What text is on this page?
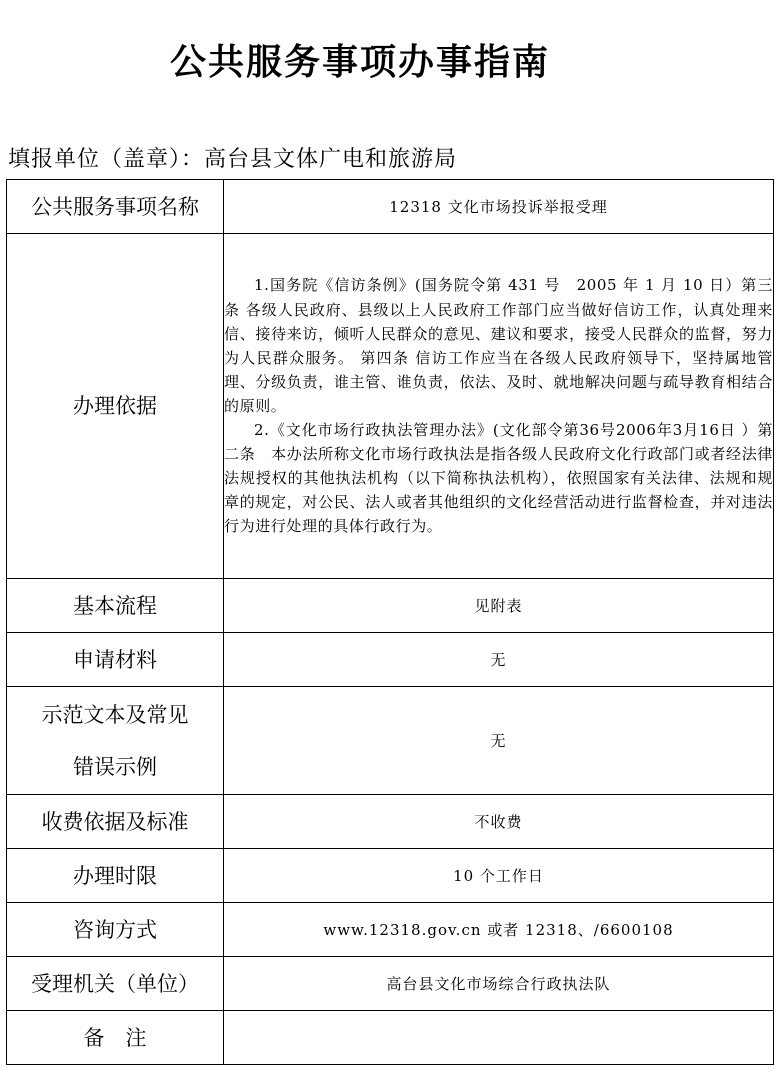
公共服务事项办事指南
填报单位（盖章）：高台县文体广电和旅游局
公共服务事项名称	12318 文化市场投诉举报受理
办理依据	1.国务院《信访条例》(国务院令第 431 号　2005 年 1 月 10 日）第三条 各级人民政府、县级以上人民政府工作部门应当做好信访工作，认真处理来信、接待来访，倾听人民群众的意见、建议和要求，接受人民群众的监督，努力为人民群众服务。 第四条 信访工作应当在各级人民政府领导下，坚持属地管理、分级负责，谁主管、谁负责，依法、及时、就地解决问题与疏导教育相结合的原则。

2.《文化市场行政执法管理办法》(文化部令第36号2006年3月16日 ）第二条　本办法所称文化市场行政执法是指各级人民政府文化行政部门或者经法律法规授权的其他执法机构（以下简称执法机构），依照国家有关法律、法规和规章的规定，对公民、法人或者其他组织的文化经营活动进行监督检查，并对违法行为进行处理的具体行政行为。

基本流程	见附表
申请材料	无

示范文本及常见
错误示例	无
收费依据及标准	不收费
办理时限	10 个工作日
咨询方式	www.12318.gov.cn 或者 12318、/6600108
受理机关（单位）	高台县文化市场综合行政执法队
备　注	
